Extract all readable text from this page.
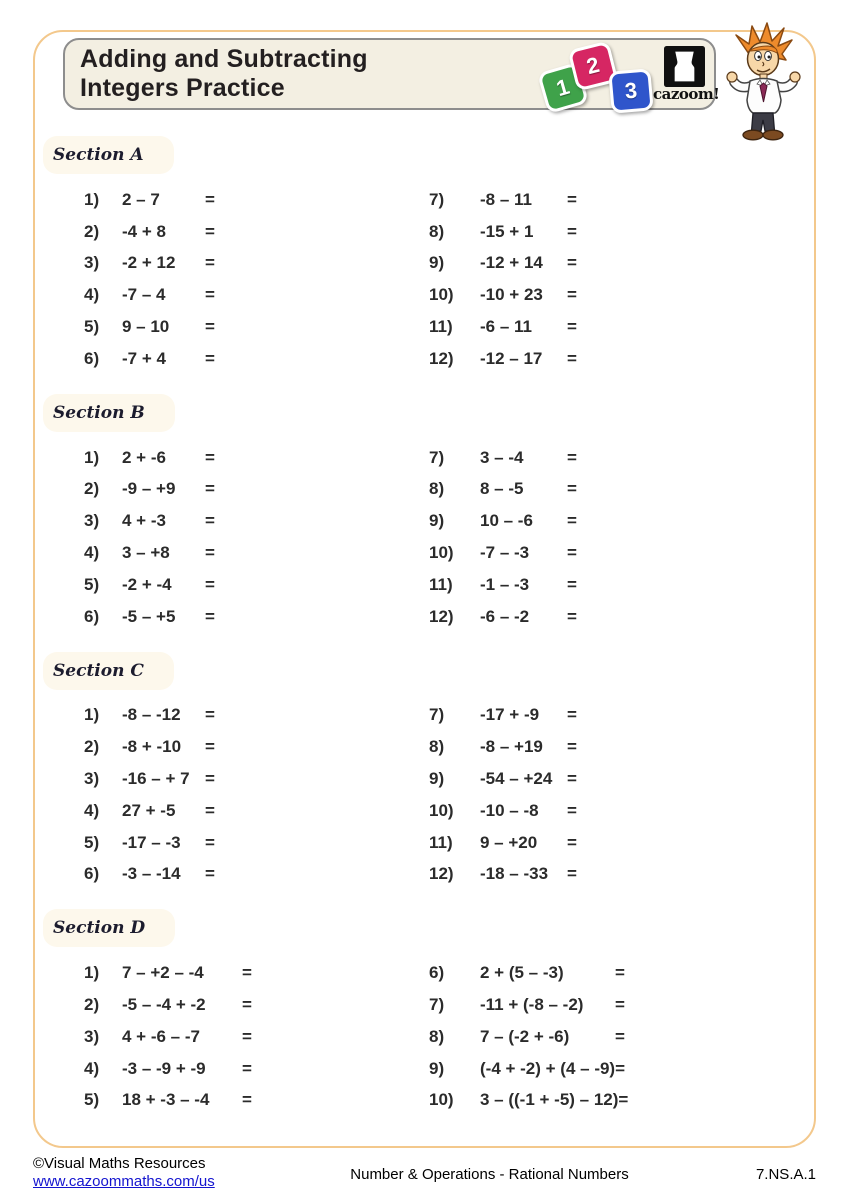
Adding and Subtracting
Integers Practice	1
2
3 cazoom!
Section A
1)	2 – 7	=
2)	-4 + 8	=
3)	-2 + 12	=
4)	-7 – 4	=
5)	9 – 10	=
6)	-7 + 4	=
7)	-8 – 11	=
8)	-15 + 1	=
9)	-12 + 14	=
10)	-10 + 23	=
11)	-6 – 11	=
12)	-12 – 17	=
Section B
1)	2 + -6	=
2)	-9 – +9	=
3)	4 + -3	=
4)	3 – +8	=
5)	-2 + -4	=
6)	-5 – +5	=
7)	3 – -4	=
8)	8 – -5	=
9)	10 – -6	=
10)	-7 – -3	=
11)	-1 – -3	=
12)	-6 – -2	=
Section C
1)	-8 – -12	=
2)	-8 + -10	=
3)	-16 – + 7 =
4)	27 + -5	=
5)	-17 – -3	=
6)	-3 – -14	=
7)	-17 + -9	=
8)	-8 – +19	=
9)	-54 – +24 =
10)	-10 – -8	=
11)	9 – +20	=
12)	-18 – -33	=
Section D
1)	7 – +2 – -4	=
2)	-5 – -4 + -2	=
3)	4 + -6 – -7	=
4)	-3 – -9 + -9	=
5)	18 + -3 – -4	=
6)	2 + (5 – -3)	=
7)	-11 + (-8 – -2)	=
8)	7 – (-2 + -6)	=
9)	(-4 + -2) + (4 – -9) =
10)	3 – ((-1 + -5) – 12) =
©Visual Maths Resources
www.cazoommaths.com/us	Number & Operations - Rational Numbers	7.NS.A.1
